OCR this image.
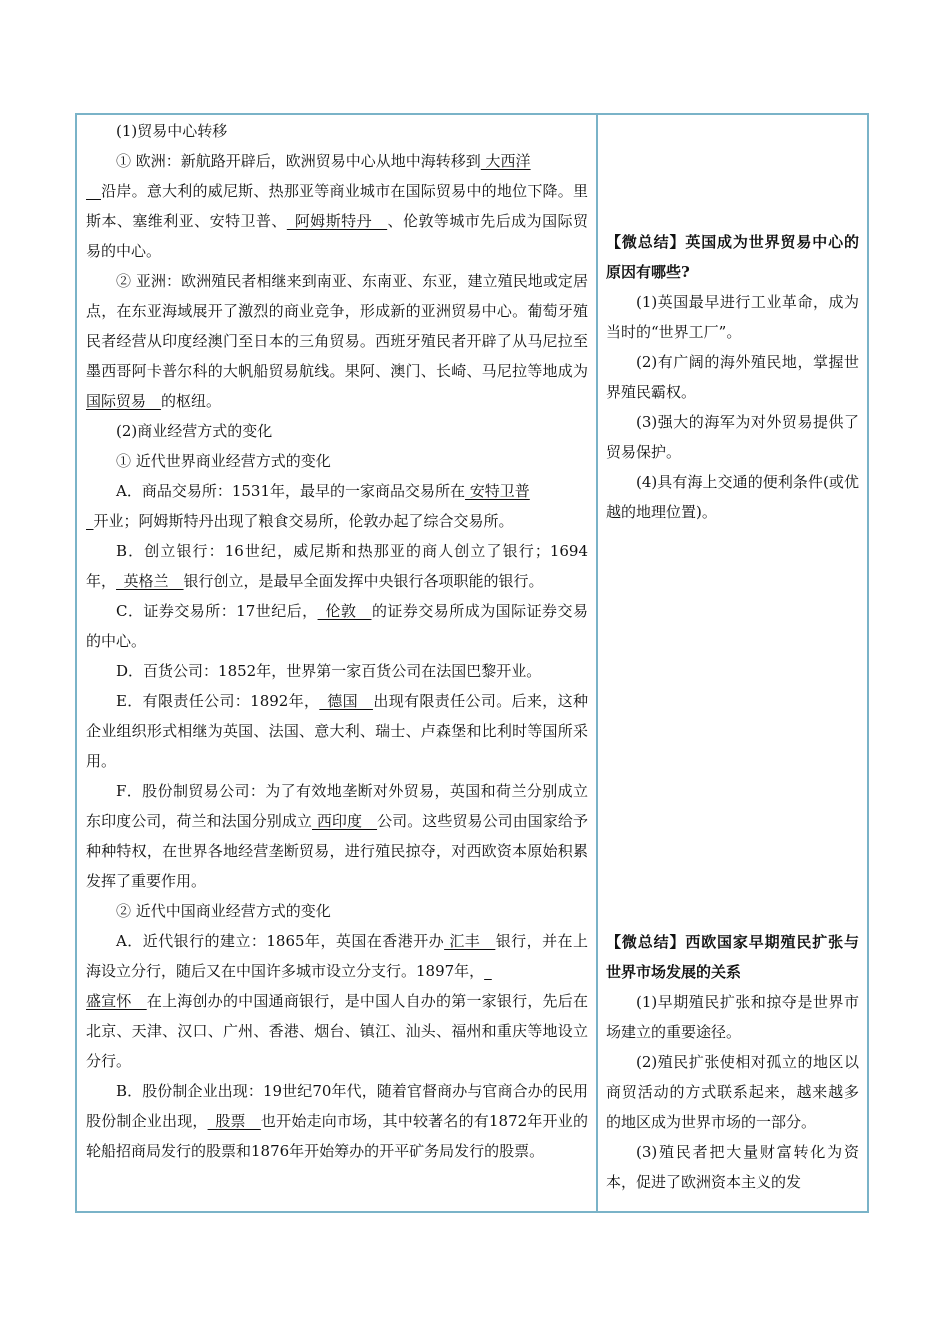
(1)贸易中心转移

① 欧洲：新航路开辟后，欧洲贸易中心从地中海转移到 大西洋
__沿岸。意大利的威尼斯、热那亚等商业城市在国际贸易中的地位下降。里斯本、塞维利亚、安特卫普、_阿姆斯特丹__、伦敦等城市先后成为国际贸易的中心。

② 亚洲：欧洲殖民者相继来到南亚、东南亚、东亚，建立殖民地或定居点，在东亚海域展开了激烈的商业竞争，形成新的亚洲贸易中心。葡萄牙殖民者经营从印度经澳门至日本的三角贸易。西班牙殖民者开辟了从马尼拉至墨西哥阿卡普尔科的大帆船贸易航线。果阿、澳门、长崎、马尼拉等地成为 国际贸易__的枢纽。

(2)商业经营方式的变化

① 近代世界商业经营方式的变化

A．商品交易所：1531年，最早的一家商品交易所在 安特卫普
_开业；阿姆斯特丹出现了粮食交易所，伦敦办起了综合交易所。

B．创立银行：16世纪，威尼斯和热那亚的商人创立了银行；1694年，_英格兰__银行创立，是最早全面发挥中央银行各项职能的银行。

C．证券交易所：17世纪后，_伦敦__的证券交易所成为国际证券交易的中心。

D．百货公司：1852年，世界第一家百货公司在法国巴黎开业。

E．有限责任公司：1892年，_德国__出现有限责任公司。后来，这种企业组织形式相继为英国、法国、意大利、瑞士、卢森堡和比利时等国所采用。

F．股份制贸易公司：为了有效地垄断对外贸易，英国和荷兰分别成立东印度公司，荷兰和法国分别成立 西印度__公司。这些贸易公司由国家给予种种特权，在世界各地经营垄断贸易，进行殖民掠夺，对西欧资本原始积累发挥了重要作用。

② 近代中国商业经营方式的变化

A．近代银行的建立：1865年，英国在香港开办 汇丰__银行，并在上海设立分行，随后又在中国许多城市设立分支行。1897年，_
盛宣怀__在上海创办的中国通商银行，是中国人自办的第一家银行，先后在北京、天津、汉口、广州、香港、烟台、镇江、汕头、福州和重庆等地设立分行。

B．股份制企业出现：19世纪70年代，随着官督商办与官商合办的民用股份制企业出现，_股票__也开始走向市场，其中较著名的有1872年开业的轮船招商局发行的股票和1876年开始筹办的开平矿务局发行的股票。

【微总结】英国成为世界贸易中心的原因有哪些?

(1)英国最早进行工业革命，成为当时的“世界工厂”。

(2)有广阔的海外殖民地，掌握世界殖民霸权。

(3)强大的海军为对外贸易提供了贸易保护。

(4)具有海上交通的便利条件(或优越的地理位置)。

【微总结】西欧国家早期殖民扩张与世界市场发展的关系

(1)早期殖民扩张和掠夺是世界市场建立的重要途径。

(2)殖民扩张使相对孤立的地区以商贸活动的方式联系起来，越来越多的地区成为世界市场的一部分。

(3)殖民者把大量财富转化为资本，促进了欧洲资本主义的发
